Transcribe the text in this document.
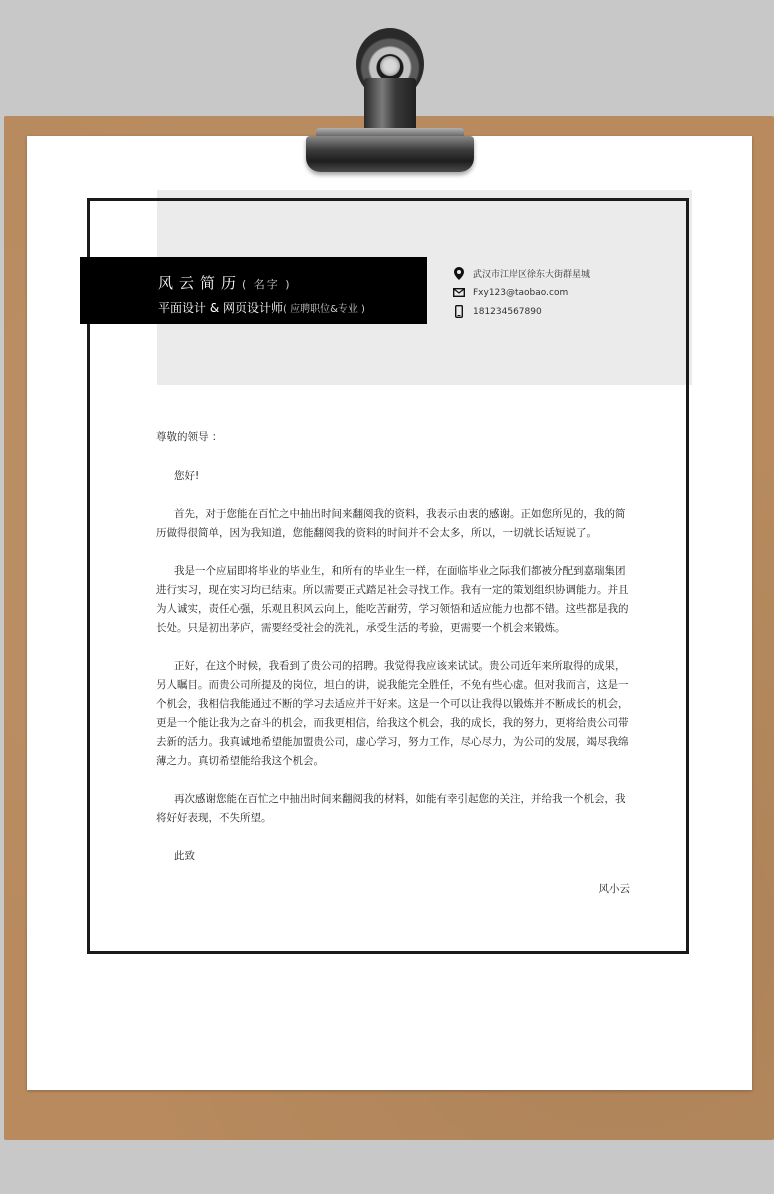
风云简历( 名字 )
平面设计 & 网页设计师( 应聘职位&专业 )
武汉市江岸区徐东大街群星城
Fxy123@taobao.com
181234567890

尊敬的领导 ：

您好!

首先，对于您能在百忙之中抽出时间来翻阅我的资料，我表示由衷的感谢。正如您所见的，我的简历做得很简单，因为我知道，您能翻阅我的资料的时间并不会太多，所以，一切就长话短说了。

我是一个应届即将毕业的毕业生，和所有的毕业生一样，在面临毕业之际我们都被分配到嘉瑞集团进行实习，现在实习均已结束。所以需要正式踏足社会寻找工作。我有一定的策划组织协调能力。并且为人诚实，责任心强，乐观且积风云向上，能吃苦耐劳，学习领悟和适应能力也都不错。这些都是我的长处。只是初出茅庐，需要经受社会的洗礼，承受生活的考验，更需要一个机会来锻炼。

正好，在这个时候，我看到了贵公司的招聘。我觉得我应该来试试。贵公司近年来所取得的成果，另人瞩目。而贵公司所提及的岗位，坦白的讲，说我能完全胜任，不免有些心虚。但对我而言，这是一个机会，我相信我能通过不断的学习去适应并干好来。这是一个可以让我得以锻炼并不断成长的机会，更是一个能让我为之奋斗的机会，而我更相信，给我这个机会，我的成长，我的努力，更将给贵公司带去新的活力。我真诚地希望能加盟贵公司，虚心学习，努力工作，尽心尽力，为公司的发展，竭尽我绵薄之力。真切希望能给我这个机会。

再次感谢您能在百忙之中抽出时间来翻阅我的材料，如能有幸引起您的关注，并给我一个机会，我将好好表现，不失所望。

此致

风小云
